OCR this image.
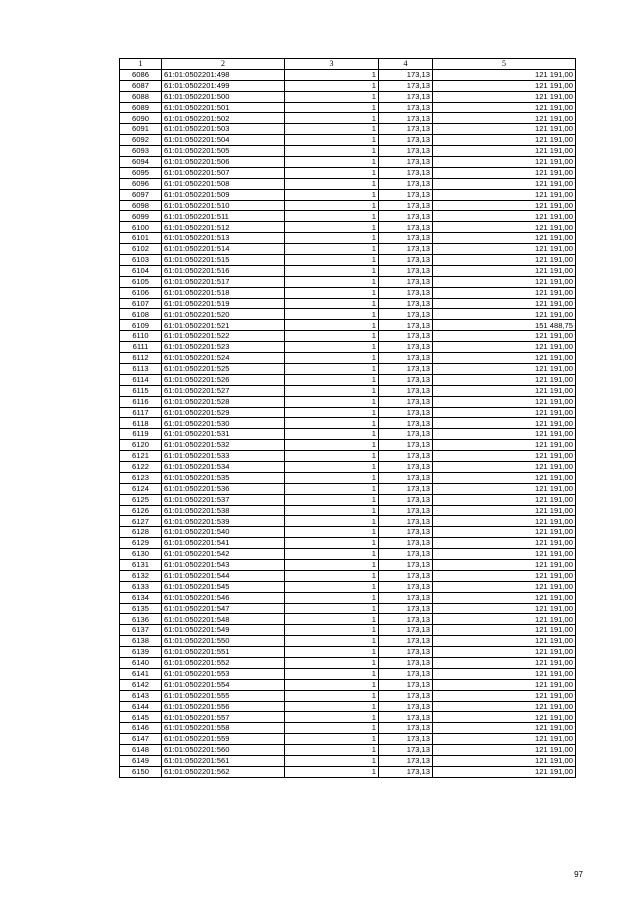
1	2	3	4	5
6086	61:01:0502201:498	1	173,13	121 191,00
6087	61:01:0502201:499	1	173,13	121 191,00
6088	61:01:0502201:500	1	173,13	121 191,00
6089	61:01:0502201:501	1	173,13	121 191,00
6090	61:01:0502201:502	1	173,13	121 191,00
6091	61:01:0502201:503	1	173,13	121 191,00
6092	61:01:0502201:504	1	173,13	121 191,00
6093	61:01:0502201:505	1	173,13	121 191,00
6094	61:01:0502201:506	1	173,13	121 191,00
6095	61:01:0502201:507	1	173,13	121 191,00
6096	61:01:0502201:508	1	173,13	121 191,00
6097	61:01:0502201:509	1	173,13	121 191,00
6098	61:01:0502201:510	1	173,13	121 191,00
6099	61:01:0502201:511	1	173,13	121 191,00
6100	61:01:0502201:512	1	173,13	121 191,00
6101	61:01:0502201:513	1	173,13	121 191,00
6102	61:01:0502201:514	1	173,13	121 191,00
6103	61:01:0502201:515	1	173,13	121 191,00
6104	61:01:0502201:516	1	173,13	121 191,00
6105	61:01:0502201:517	1	173,13	121 191,00
6106	61:01:0502201:518	1	173,13	121 191,00
6107	61:01:0502201:519	1	173,13	121 191,00
6108	61:01:0502201:520	1	173,13	121 191,00
6109	61:01:0502201:521	1	173,13	151 488,75
6110	61:01:0502201:522	1	173,13	121 191,00
6111	61:01:0502201:523	1	173,13	121 191,00
6112	61:01:0502201:524	1	173,13	121 191,00
6113	61:01:0502201:525	1	173,13	121 191,00
6114	61:01:0502201:526	1	173,13	121 191,00
6115	61:01:0502201:527	1	173,13	121 191,00
6116	61:01:0502201:528	1	173,13	121 191,00
6117	61:01:0502201:529	1	173,13	121 191,00
6118	61:01:0502201:530	1	173,13	121 191,00
6119	61:01:0502201:531	1	173,13	121 191,00
6120	61:01:0502201:532	1	173,13	121 191,00
6121	61:01:0502201:533	1	173,13	121 191,00
6122	61:01:0502201:534	1	173,13	121 191,00
6123	61:01:0502201:535	1	173,13	121 191,00
6124	61:01:0502201:536	1	173,13	121 191,00
6125	61:01:0502201:537	1	173,13	121 191,00
6126	61:01:0502201:538	1	173,13	121 191,00
6127	61:01:0502201:539	1	173,13	121 191,00
6128	61:01:0502201:540	1	173,13	121 191,00
6129	61:01:0502201:541	1	173,13	121 191,00
6130	61:01:0502201:542	1	173,13	121 191,00
6131	61:01:0502201:543	1	173,13	121 191,00
6132	61:01:0502201:544	1	173,13	121 191,00
6133	61:01:0502201:545	1	173,13	121 191,00
6134	61:01:0502201:546	1	173,13	121 191,00
6135	61:01:0502201:547	1	173,13	121 191,00
6136	61:01:0502201:548	1	173,13	121 191,00
6137	61:01:0502201:549	1	173,13	121 191,00
6138	61:01:0502201:550	1	173,13	121 191,00
6139	61:01:0502201:551	1	173,13	121 191,00
6140	61:01:0502201:552	1	173,13	121 191,00
6141	61:01:0502201:553	1	173,13	121 191,00
6142	61:01:0502201:554	1	173,13	121 191,00
6143	61:01:0502201:555	1	173,13	121 191,00
6144	61:01:0502201:556	1	173,13	121 191,00
6145	61:01:0502201:557	1	173,13	121 191,00
6146	61:01:0502201:558	1	173,13	121 191,00
6147	61:01:0502201:559	1	173,13	121 191,00
6148	61:01:0502201:560	1	173,13	121 191,00
6149	61:01:0502201:561	1	173,13	121 191,00
6150	61:01:0502201:562	1	173,13	121 191,00
97
